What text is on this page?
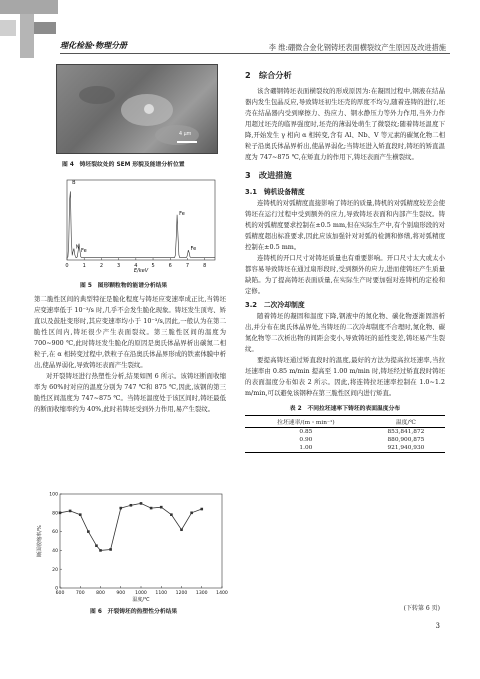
理化检验·物理分册	李 维:硼微合金化钢铸坯表面横裂纹产生原因及改进措施
4 μm
图 4　铸坯裂纹处的 SEM 形貌及能谱分析位置
B
N
Fe
Fe
Fe
0	1	2	3	4	5	6	7	8
E/keV
图 5　图形颗粒物的能谱分析结果

第二脆性区间的典型特征是脆化程度与铸坯应变速率成正比,当铸坯应变速率低于 10⁻³/s 时,几乎不会发生脆化现象。铸坯发生顶弯、矫直以及鼓肚变形时,其应变速率均小于 10⁻³/s,因此,一般认为在第二脆性区间内,铸坯很少产生表面裂纹。第三脆性区间的温度为 700~900 ℃,此时铸坯发生脆化的原因是奥氏体晶界析出碳氮二相粒子,在 α 相转变过程中,铁粒子在沿奥氏体晶界形成的铁素体膜中析出,使晶界弱化,导致铸坯表面产生裂纹。

对开裂铸坯进行热塑性分析,结果如图 6 所示。该铸坯断面收缩率为 60%时对应的温度分别为 747 ℃和 875 ℃,因此,该钢的第三脆性区间温度为 747~875 ℃。当铸坯温度处于该区间时,铸坯最低的断面收缩率约为 40%,此时若铸坯受到外力作用,易产生裂纹。

600 700 800 900 1000 1100 1200 1300 1400
0
20
40
60
80
100
温度/℃
断面收缩率/%
图 6　开裂铸坯的热塑性分析结果
2　综合分析

该含硼钢铸坯表面横裂纹的形成原因为:在凝固过程中,钢液在结晶器内发生包晶反应,导致铸坯初生坯壳的厚度不均匀,随着连铸的进行,坯壳在结晶器内受到摩擦力、热应力、钢水静压力等外力作用,当外力作用超过坯壳的临界强度时,坯壳的薄弱处萌生了微裂纹;随着铸坯温度下降,开始发生 γ 相向 α 相转变,含有 Al、Nb、V 等元素的碳氮化物二相粒子沿奥氏体晶界析出,使晶界弱化;当铸坯进入矫直段时,铸坯的矫直温度为 747~875 ℃,在矫直力的作用下,铸坯表面产生横裂纹。

3　改进措施
3.1　铸机设备精度

连铸机的对弧精度直接影响了铸坯的质量,铸机的对弧精度较差会使铸坯在运行过程中受到额外的应力,导致铸坯表面和内部产生裂纹。铸机的对弧精度要求控制在±0.5 mm,但在实际生产中,有个别扇形段的对弧精度超出标准要求,因此应该加强针对对弧的检测和修缮,将对弧精度控制在±0.5 mm。

连铸机的开口尺寸对铸坯质量也有重要影响。开口尺寸太大或太小都容易导致铸坯在通过扇形段时,受到额外的应力,进而使铸坯产生质量缺陷。为了提高铸坯表面质量,在实际生产时要加强对连铸机的定检和定修。

3.2　二次冷却制度

随着铸坯的凝固和温度下降,钢液中的氮化物、碳化物逐渐固溶析出,并分布在奥氏体晶界处,当铸坯的二次冷却制度不合理时,氮化物、碳氮化物等二次析出物的间距会变小,导致铸坯的延性变差,铸坯易产生裂纹。

要提高铸坯通过矫直段时的温度,最好的方法为提高拉坯速率,当拉坯速率由 0.85 m/min 提高至 1.00 m/min 时,铸坯经过矫直段时铸坯的表面温度分布如表 2 所示。因此,将连铸拉坯速率控制在 1.0~1.2 m/min,可以避免该钢种在第三脆性区间内进行矫直。

表 2　不同拉坯速率下铸坯的表面温度分布
拉坯速率/(m・min⁻¹)	温度/℃
0.85	853,841,872
0.90	880,900,875
1.00	921,940,930
(下转第 6 页)
3
